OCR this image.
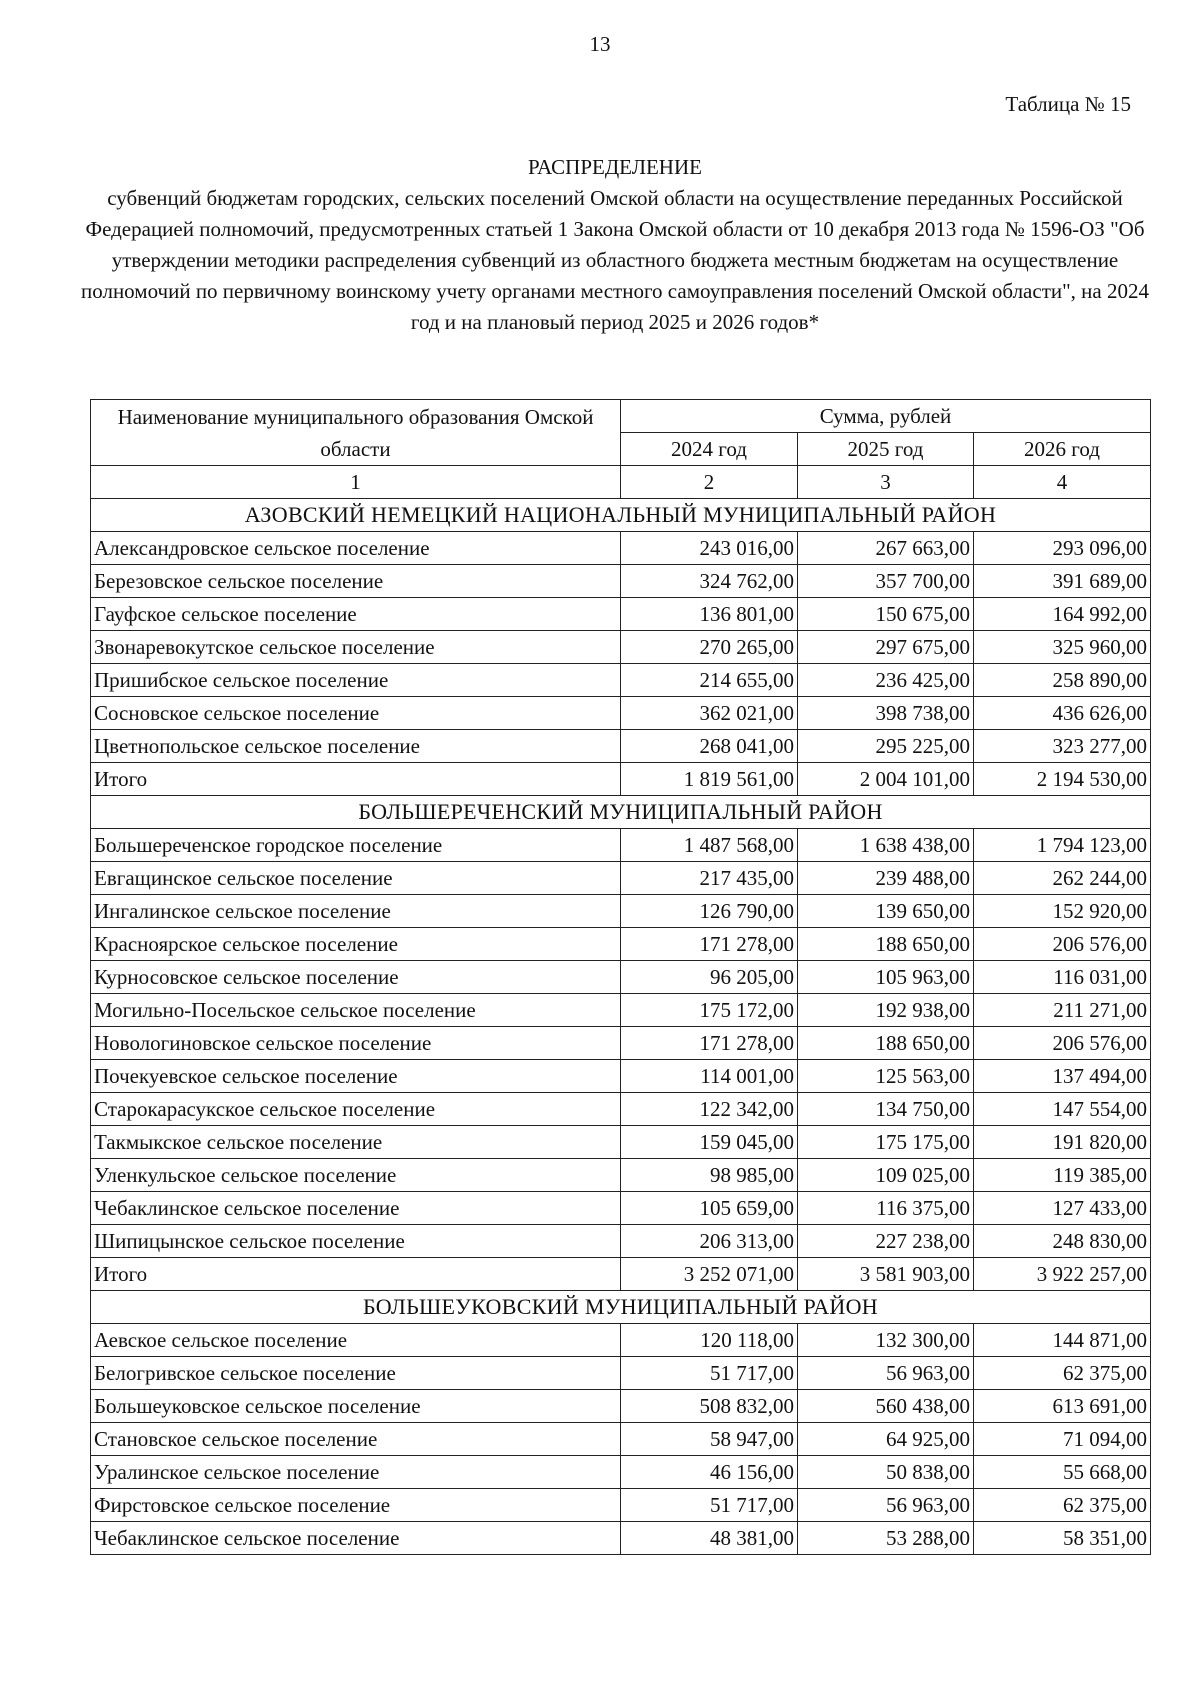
13
Таблица № 15
РАСПРЕДЕЛЕНИЕ
субвенций бюджетам городских, сельских поселений Омской области на осуществление переданных Российской Федерацией полномочий, предусмотренных статьей 1 Закона Омской области от 10 декабря 2013 года № 1596-ОЗ "Об утверждении методики распределения субвенций из областного бюджета местным бюджетам на осуществление полномочий по первичному воинскому учету органами местного самоуправления поселений Омской области", на 2024 год и на плановый период 2025 и 2026 годов*
Наименование муниципального образования Омской области	Сумма, рублей		
	2024 год	2025 год	2026 год
1	2	3	4
АЗОВСКИЙ НЕМЕЦКИЙ НАЦИОНАЛЬНЫЙ МУНИЦИПАЛЬНЫЙ РАЙОН			
Александровское сельское поселение	243 016,00	267 663,00	293 096,00
Березовское сельское поселение	324 762,00	357 700,00	391 689,00
Гауфское сельское поселение	136 801,00	150 675,00	164 992,00
Звонаревокутское сельское поселение	270 265,00	297 675,00	325 960,00
Пришибское сельское поселение	214 655,00	236 425,00	258 890,00
Сосновское сельское поселение	362 021,00	398 738,00	436 626,00
Цветнопольское сельское поселение	268 041,00	295 225,00	323 277,00
Итого	1 819 561,00	2 004 101,00	2 194 530,00
БОЛЬШЕРЕЧЕНСКИЙ МУНИЦИПАЛЬНЫЙ РАЙОН			
Большереченское городское поселение	1 487 568,00	1 638 438,00	1 794 123,00
Евгащинское сельское поселение	217 435,00	239 488,00	262 244,00
Ингалинское сельское поселение	126 790,00	139 650,00	152 920,00
Красноярское сельское поселение	171 278,00	188 650,00	206 576,00
Курносовское сельское поселение	96 205,00	105 963,00	116 031,00
Могильно-Посельское сельское поселение	175 172,00	192 938,00	211 271,00
Новологиновское сельское поселение	171 278,00	188 650,00	206 576,00
Почекуевское сельское поселение	114 001,00	125 563,00	137 494,00
Старокарасукское сельское поселение	122 342,00	134 750,00	147 554,00
Такмыкское сельское поселение	159 045,00	175 175,00	191 820,00
Уленкульское сельское поселение	98 985,00	109 025,00	119 385,00
Чебаклинское сельское поселение	105 659,00	116 375,00	127 433,00
Шипицынское сельское поселение	206 313,00	227 238,00	248 830,00
Итого	3 252 071,00	3 581 903,00	3 922 257,00
БОЛЬШЕУКОВСКИЙ МУНИЦИПАЛЬНЫЙ РАЙОН			
Аевское сельское поселение	120 118,00	132 300,00	144 871,00
Белогривское сельское поселение	51 717,00	56 963,00	62 375,00
Большеуковское сельское поселение	508 832,00	560 438,00	613 691,00
Становское сельское поселение	58 947,00	64 925,00	71 094,00
Уралинское сельское поселение	46 156,00	50 838,00	55 668,00
Фирстовское сельское поселение	51 717,00	56 963,00	62 375,00
Чебаклинское сельское поселение	48 381,00	53 288,00	58 351,00
